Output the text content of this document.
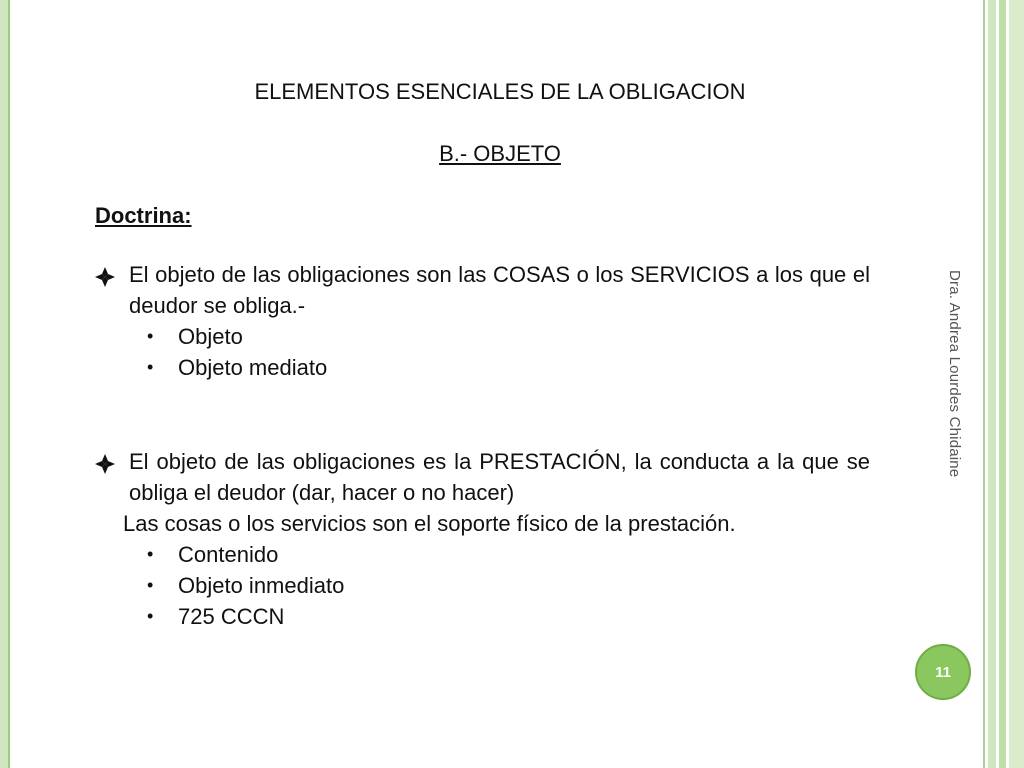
ELEMENTOS ESENCIALES DE LA OBLIGACION
B.- OBJETO
Doctrina:
El objeto de las obligaciones son las COSAS o los SERVICIOS a los que el deudor se obliga.-
• Objeto
• Objeto mediato
El objeto de las obligaciones es la PRESTACIÓN, la conducta a la que se obliga el deudor (dar, hacer o no hacer)
Las cosas o los servicios son el soporte físico de la prestación.
• Contenido
• Objeto inmediato
• 725 CCCN
Dra. Andrea Lourdes Chidaine
11
